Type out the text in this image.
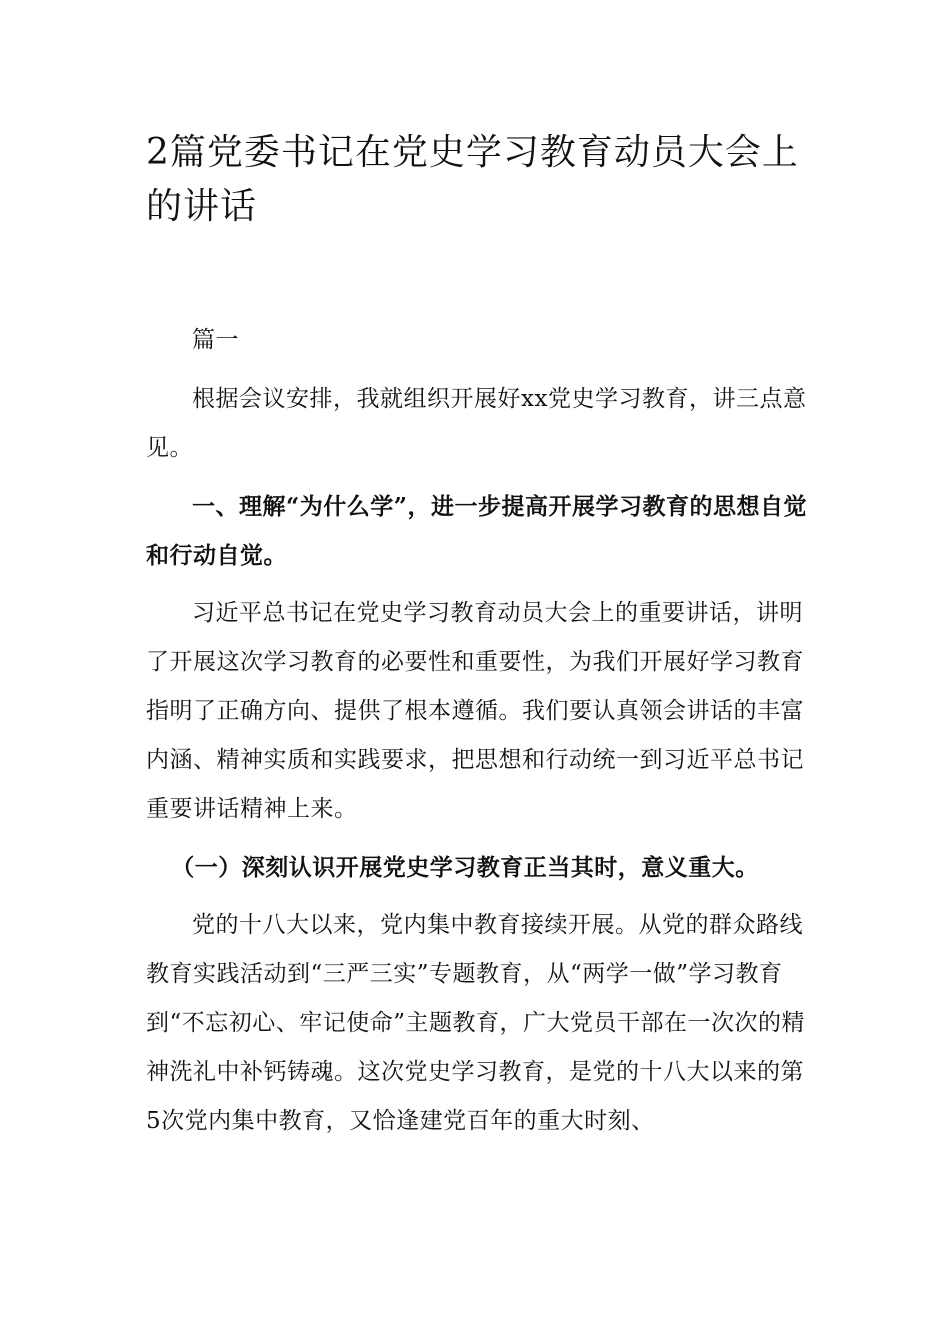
2篇党委书记在党史学习教育动员大会上的讲话

篇一

根据会议安排，我就组织开展好xx党史学习教育，讲三点意见。

一、理解“为什么学”，进一步提高开展学习教育的思想自觉和行动自觉。

习近平总书记在党史学习教育动员大会上的重要讲话，讲明了开展这次学习教育的必要性和重要性，为我们开展好学习教育指明了正确方向、提供了根本遵循。我们要认真领会讲话的丰富内涵、精神实质和实践要求，把思想和行动统一到习近平总书记重要讲话精神上来。

（一）深刻认识开展党史学习教育正当其时，意义重大。

党的十八大以来，党内集中教育接续开展。从党的群众路线教育实践活动到“三严三实”专题教育，从“两学一做”学习教育到“不忘初心、牢记使命”主题教育，广大党员干部在一次次的精神洗礼中补钙铸魂。这次党史学习教育，是党的十八大以来的第5次党内集中教育，又恰逢建党百年的重大时刻、
